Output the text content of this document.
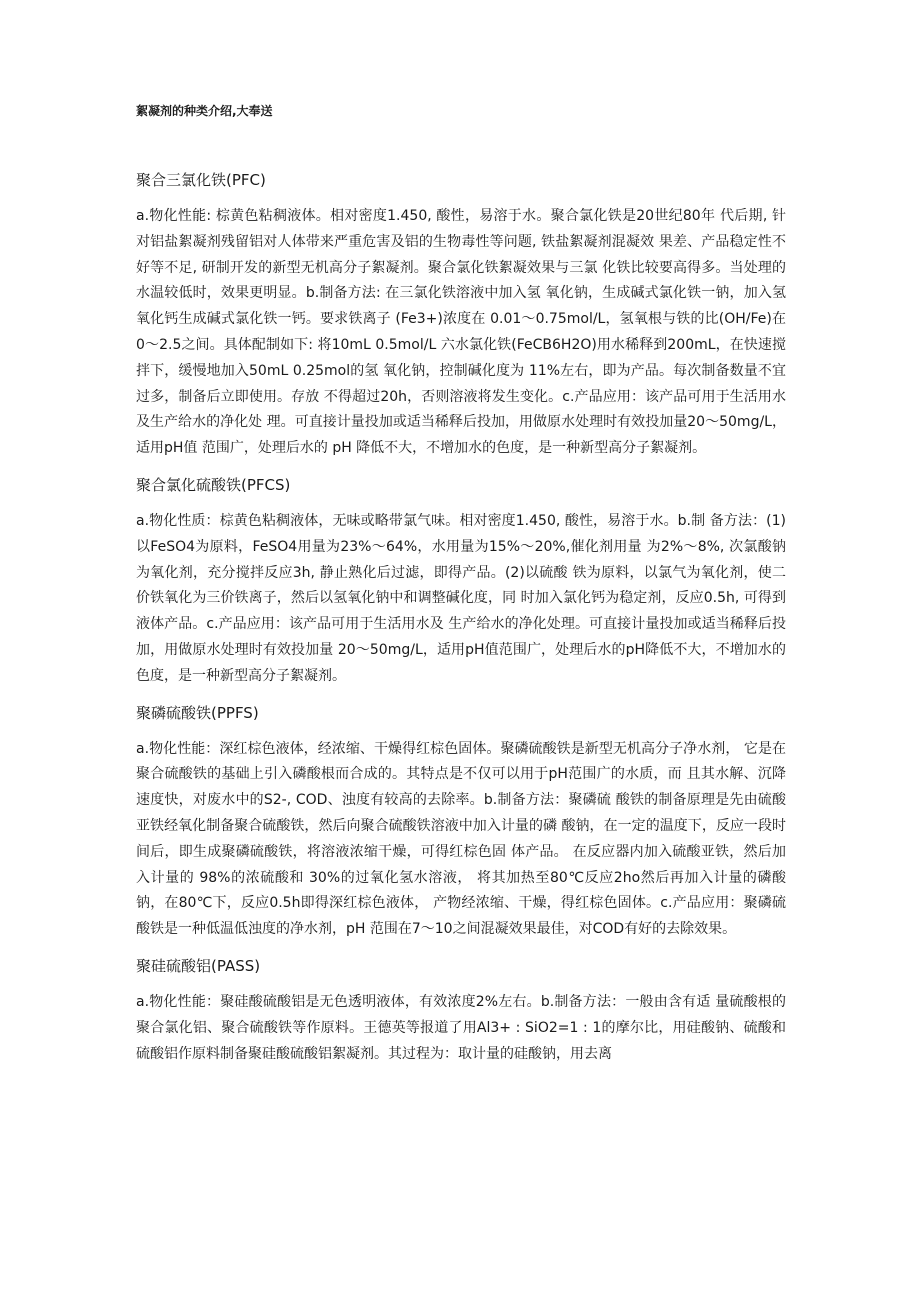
絮凝剂的种类介绍,大奉送
聚合三氯化铁(PFC)
a.物化性能: 棕黄色粘稠液体。相对密度1.450, 酸性，易溶于水。聚合氯化铁是20世纪80年 代后期, 针对铝盐絮凝剂残留铝对人体带来严重危害及铝的生物毒性等问题, 铁盐絮凝剂混凝效 果差、产品稳定性不好等不足, 研制开发的新型无机高分子絮凝剂。聚合氯化铁絮凝效果与三氯 化铁比较要高得多。当处理的水温较低时，效果更明显。b.制备方法: 在三氯化铁溶液中加入氢 氧化钠，生成碱式氯化铁一钠，加入氢氧化钙生成碱式氯化铁一钙。要求铁离子 (Fe3+)浓度在 0.01～0.75mol/L，氢氧根与铁的比(OH/Fe)在0～2.5之间。具体配制如下: 将10mL 0.5mol/L 六水氯化铁(FeCB6H2O)用水稀释到200mL，在快速搅拌下，缓慢地加入50mL 0.25mol的氢 氧化钠，控制碱化度为 11%左右，即为产品。每次制备数量不宜过多，制备后立即使用。存放 不得超过20h，否则溶液将发生变化。c.产品应用：该产品可用于生活用水及生产给水的净化处 理。可直接计量投加或适当稀释后投加，用做原水处理时有效投加量20～50mg/L，适用pH值 范围广，处理后水的 pH 降低不大，不增加水的色度，是一种新型高分子絮凝剂。
聚合氯化硫酸铁(PFCS)
a.物化性质：棕黄色粘稠液体，无味或略带氯气味。相对密度1.450, 酸性，易溶于水。b.制 备方法：(1)以FeSO4为原料，FeSO4用量为23%～64%，水用量为15%～20%,催化剂用量 为2%～8%, 次氯酸钠为氧化剂，充分搅拌反应3h, 静止熟化后过滤，即得产品。(2)以硫酸 铁为原料，以氯气为氧化剂，使二价铁氧化为三价铁离子，然后以氢氧化钠中和调整碱化度，同 时加入氯化钙为稳定剂，反应0.5h, 可得到液体产品。c.产品应用：该产品可用于生活用水及 生产给水的净化处理。可直接计量投加或适当稀释后投加，用做原水处理时有效投加量 20～50mg/L，适用pH值范围广，处理后水的pH降低不大，不增加水的色度，是一种新型高分子絮凝剂。
聚磷硫酸铁(PPFS)
a.物化性能：深红棕色液体，经浓缩、干燥得红棕色固体。聚磷硫酸铁是新型无机高分子净水剂， 它是在聚合硫酸铁的基础上引入磷酸根而合成的。其特点是不仅可以用于pH范围广的水质，而 且其水解、沉降速度快，对废水中的S2-, COD、浊度有较高的去除率。b.制备方法：聚磷硫 酸铁的制备原理是先由硫酸亚铁经氧化制备聚合硫酸铁，然后向聚合硫酸铁溶液中加入计量的磷 酸钠，在一定的温度下，反应一段时间后，即生成聚磷硫酸铁，将溶液浓缩干燥，可得红棕色固 体产品。 在反应器内加入硫酸亚铁，然后加入计量的 98%的浓硫酸和 30%的过氧化氢水溶液， 将其加热至80℃反应2ho然后再加入计量的磷酸钠，在80℃下，反应0.5h即得深红棕色液体， 产物经浓缩、干燥，得红棕色固体。c.产品应用：聚磷硫酸铁是一种低温低浊度的净水剂，pH 范围在7～10之间混凝效果最佳，对COD有好的去除效果。
聚硅硫酸铝(PASS)
a.物化性能：聚硅酸硫酸铝是无色透明液体，有效浓度2%左右。b.制备方法：一般由含有适 量硫酸根的聚合氯化铝、聚合硫酸铁等作原料。王德英等报道了用Al3+ : SiO2=1 : 1的摩尔比，用硅酸钠、硫酸和硫酸铝作原料制备聚硅酸硫酸铝絮凝剂。其过程为：取计量的硅酸钠，用去离
